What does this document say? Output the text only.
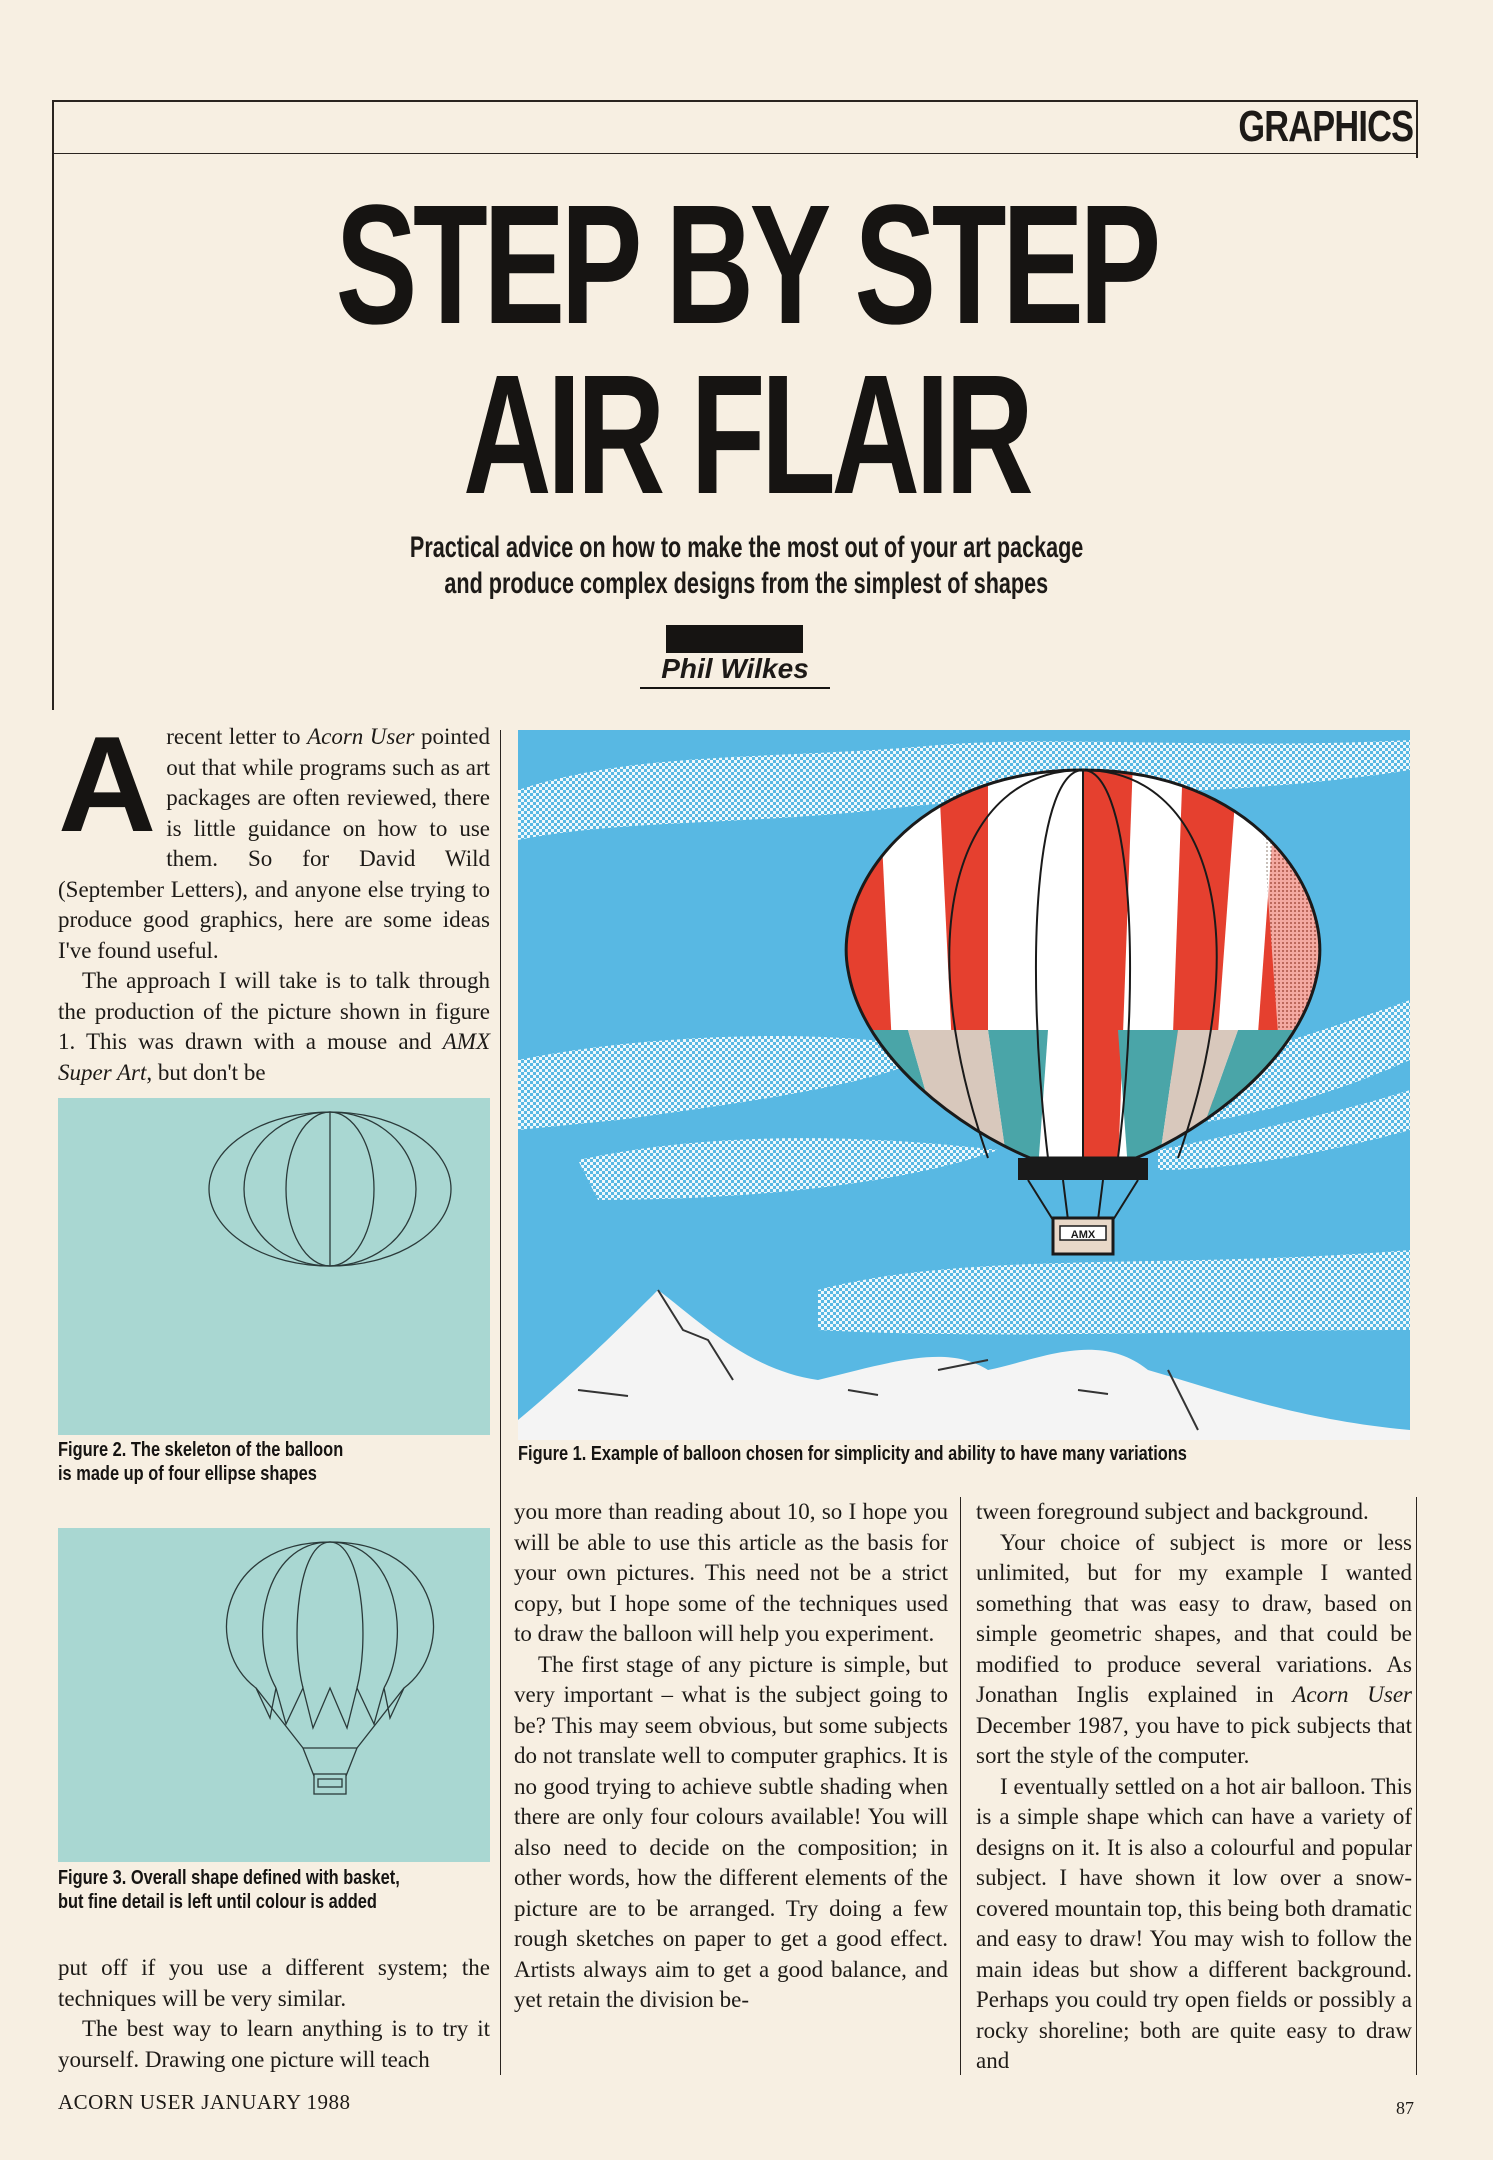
GRAPHICS
STEP BY STEP
AIR FLAIR
Practical advice on how to make the most out of your art package
and produce complex designs from the simplest of shapes
Phil Wilkes

Arecent letter to Acorn User pointed out that while programs such as art packages are often reviewed, there is little guidance on how to use them. So for David Wild (September Letters), and anyone else trying to produce good graphics, here are some ideas I've found useful.

The approach I will take is to talk through the production of the picture shown in figure 1. This was drawn with a mouse and AMX Super Art, but don't be

Figure 2. The skeleton of the balloon
is made up of four ellipse shapes
Figure 3. Overall shape defined with basket,
but fine detail is left until colour is added

put off if you use a different system; the techniques will be very similar.

The best way to learn anything is to try it yourself. Drawing one picture will teach

AMX
Figure 1. Example of balloon chosen for simplicity and ability to have many variations

you more than reading about 10, so I hope you will be able to use this article as the basis for your own pictures. This need not be a strict copy, but I hope some of the techniques used to draw the balloon will help you experiment.

The first stage of any picture is simple, but very important – what is the subject going to be? This may seem obvious, but some subjects do not translate well to computer graphics. It is no good trying to achieve subtle shading when there are only four colours available! You will also need to decide on the composition; in other words, how the different elements of the picture are to be arranged. Try doing a few rough sketches on paper to get a good effect. Artists always aim to get a good balance, and yet retain the division be-

tween foreground subject and background.

Your choice of subject is more or less unlimited, but for my example I wanted something that was easy to draw, based on simple geometric shapes, and that could be modified to produce several variations. As Jonathan Inglis explained in Acorn User December 1987, you have to pick subjects that sort the style of the computer.

I eventually settled on a hot air balloon. This is a simple shape which can have a variety of designs on it. It is also a colourful and popular subject. I have shown it low over a snow-covered mountain top, this being both dramatic and easy to draw! You may wish to follow the main ideas but show a different background. Perhaps you could try open fields or possibly a rocky shoreline; both are quite easy to draw and

ACORN USER JANUARY 1988	87
